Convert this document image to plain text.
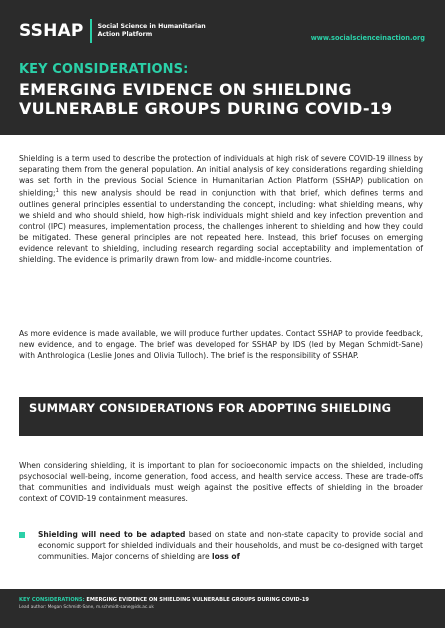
SSHAP Social Science in Humanitarian Action Platform	www.socialscienceinaction.org
KEY CONSIDERATIONS:
EMERGING EVIDENCE ON SHIELDING VULNERABLE GROUPS DURING COVID-19
Shielding is a term used to describe the protection of individuals at high risk of severe COVID-19 illness by separating them from the general population. An initial analysis of key considerations regarding shielding was set forth in the previous Social Science in Humanitarian Action Platform (SSHAP) publication on shielding;$^1$ this new analysis should be read in conjunction with that brief, which defines terms and outlines general principles essential to understanding the concept, including: what shielding means, why we shield and who should shield, how high-risk individuals might shield and key infection prevention and control (IPC) measures, implementation process, the challenges inherent to shielding and how they could be mitigated. These general principles are not repeated here. Instead, this brief focuses on emerging evidence relevant to shielding, including research regarding social acceptability and implementation of shielding. The evidence is primarily drawn from low- and middle-income countries.
As more evidence is made available, we will produce further updates. Contact SSHAP to provide feedback, new evidence, and to engage. The brief was developed for SSHAP by IDS (led by Megan Schmidt-Sane) with Anthrologica (Leslie Jones and Olivia Tulloch). The brief is the responsibility of SSHAP.
SUMMARY CONSIDERATIONS FOR ADOPTING SHIELDING
When considering shielding, it is important to plan for socioeconomic impacts on the shielded, including psychosocial well-being, income generation, food access, and health service access. These are trade-offs that communities and individuals must weigh against the positive effects of shielding in the broader context of COVID-19 containment measures.
Shielding will need to be adapted based on state and non-state capacity to provide social and economic support for shielded individuals and their households, and must be co-designed with target communities. Major concerns of shielding are loss of
KEY CONSIDERATIONS: EMERGING EVIDENCE ON SHIELDING VULNERABLE GROUPS DURING COVID-19
Lead author: Megan Schmidt-Sane, m.schmidt-sane@ids.ac.uk
